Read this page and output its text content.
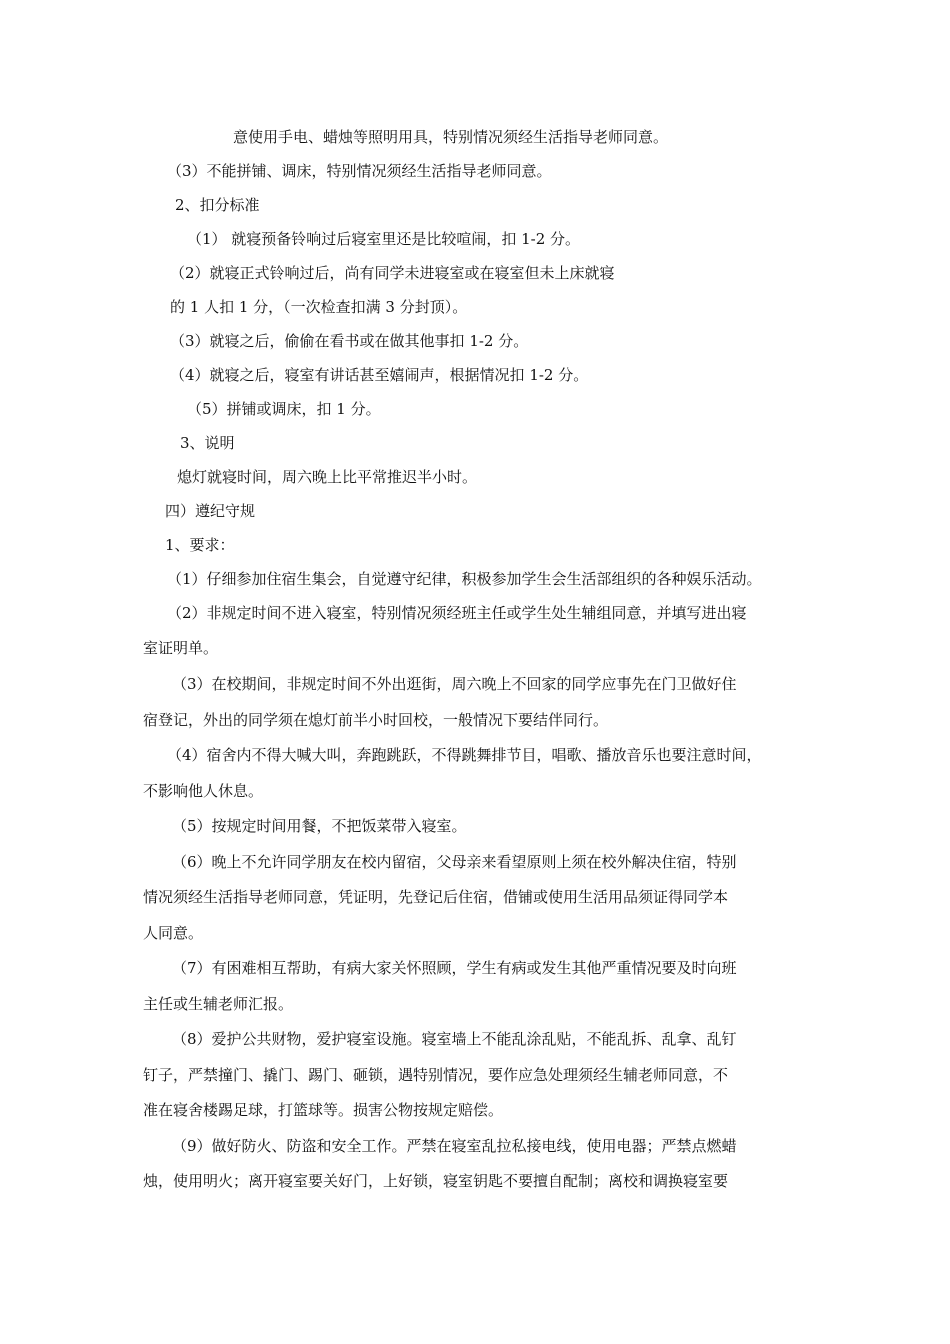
意使用手电、蜡烛等照明用具，特别情况须经生活指导老师同意。
（3）不能拼铺、调床，特别情况须经生活指导老师同意。
2、扣分标准
（1） 就寝预备铃响过后寝室里还是比较喧闹，扣 1-2 分。
（2）就寝正式铃响过后，尚有同学未进寝室或在寝室但未上床就寝
的 1 人扣 1 分，（一次检查扣满 3 分封顶）。
（3）就寝之后，偷偷在看书或在做其他事扣 1-2 分。
（4）就寝之后，寝室有讲话甚至嬉闹声，根据情况扣 1-2 分。
（5）拼铺或调床，扣 1 分。
3、说明
熄灯就寝时间，周六晚上比平常推迟半小时。
四）遵纪守规
1、要求：
（1）仔细参加住宿生集会，自觉遵守纪律，积极参加学生会生活部组织的各种娱乐活动。
（2）非规定时间不进入寝室，特别情况须经班主任或学生处生辅组同意，并填写进出寝
室证明单。
（3）在校期间，非规定时间不外出逛街，周六晚上不回家的同学应事先在门卫做好住
宿登记，外出的同学须在熄灯前半小时回校，一般情况下要结伴同行。
（4）宿舍内不得大喊大叫，奔跑跳跃，不得跳舞排节目，唱歌、播放音乐也要注意时间，
不影响他人休息。
（5）按规定时间用餐，不把饭菜带入寝室。
（6）晚上不允许同学朋友在校内留宿，父母亲来看望原则上须在校外解决住宿，特别
情况须经生活指导老师同意，凭证明，先登记后住宿，借铺或使用生活用品须证得同学本
人同意。
（7）有困难相互帮助，有病大家关怀照顾，学生有病或发生其他严重情况要及时向班
主任或生辅老师汇报。
（8）爱护公共财物，爱护寝室设施。寝室墙上不能乱涂乱贴，不能乱拆、乱拿、乱钉
钉子，严禁撞门、撬门、踢门、砸锁，遇特别情况，要作应急处理须经生辅老师同意，不
准在寝舍楼踢足球，打篮球等。损害公物按规定赔偿。
（9）做好防火、防盗和安全工作。严禁在寝室乱拉私接电线，使用电器；严禁点燃蜡
烛，使用明火；离开寝室要关好门，上好锁，寝室钥匙不要擅自配制；离校和调换寝室要
